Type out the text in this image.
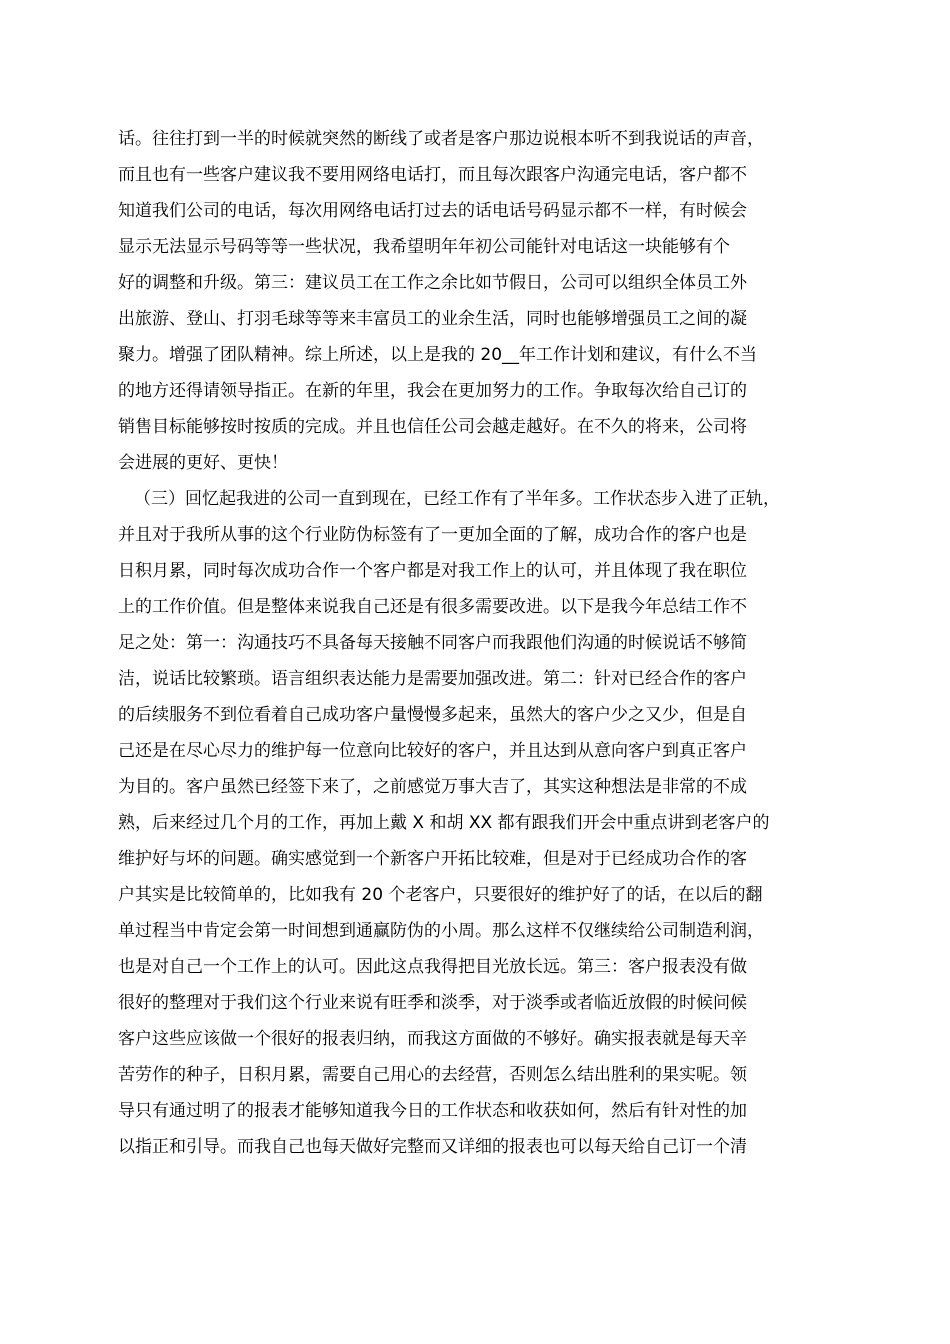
话。往往打到一半的时候就突然的断线了或者是客户那边说根本听不到我说话的声音，
而且也有一些客户建议我不要用网络电话打，而且每次跟客户沟通完电话，客户都不
知道我们公司的电话，每次用网络电话打过去的话电话号码显示都不一样，有时候会
显示无法显示号码等等一些状况，我希望明年年初公司能针对电话这一块能够有个
好的调整和升级。第三：建议员工在工作之余比如节假日，公司可以组织全体员工外
出旅游、登山、打羽毛球等等来丰富员工的业余生活，同时也能够增强员工之间的凝
聚力。增强了团队精神。综上所述，以上是我的 20__年工作计划和建议，有什么不当
的地方还得请领导指正。在新的年里，我会在更加努力的工作。争取每次给自己订的
销售目标能够按时按质的完成。并且也信任公司会越走越好。在不久的将来，公司将
会进展的更好、更快！
（三）回忆起我进的公司一直到现在，已经工作有了半年多。工作状态步入进了正轨，
并且对于我所从事的这个行业防伪标签有了一更加全面的了解，成功合作的客户也是
日积月累，同时每次成功合作一个客户都是对我工作上的认可，并且体现了我在职位
上的工作价值。但是整体来说我自己还是有很多需要改进。以下是我今年总结工作不
足之处：第一：沟通技巧不具备每天接触不同客户而我跟他们沟通的时候说话不够简
洁，说话比较繁琐。语言组织表达能力是需要加强改进。第二：针对已经合作的客户
的后续服务不到位看着自己成功客户量慢慢多起来，虽然大的客户少之又少，但是自
己还是在尽心尽力的维护每一位意向比较好的客户，并且达到从意向客户到真正客户
为目的。客户虽然已经签下来了，之前感觉万事大吉了，其实这种想法是非常的不成
熟，后来经过几个月的工作，再加上戴 X 和胡 XX 都有跟我们开会中重点讲到老客户的
维护好与坏的问题。确实感觉到一个新客户开拓比较难，但是对于已经成功合作的客
户其实是比较简单的，比如我有 20 个老客户，只要很好的维护好了的话，在以后的翻
单过程当中肯定会第一时间想到通赢防伪的小周。那么这样不仅继续给公司制造利润，
也是对自己一个工作上的认可。因此这点我得把目光放长远。第三：客户报表没有做
很好的整理对于我们这个行业来说有旺季和淡季，对于淡季或者临近放假的时候问候
客户这些应该做一个很好的报表归纳，而我这方面做的不够好。确实报表就是每天辛
苦劳作的种子，日积月累，需要自己用心的去经营，否则怎么结出胜利的果实呢。领
导只有通过明了的报表才能够知道我今日的工作状态和收获如何，然后有针对性的加
以指正和引导。而我自己也每天做好完整而又详细的报表也可以每天给自己订一个清
